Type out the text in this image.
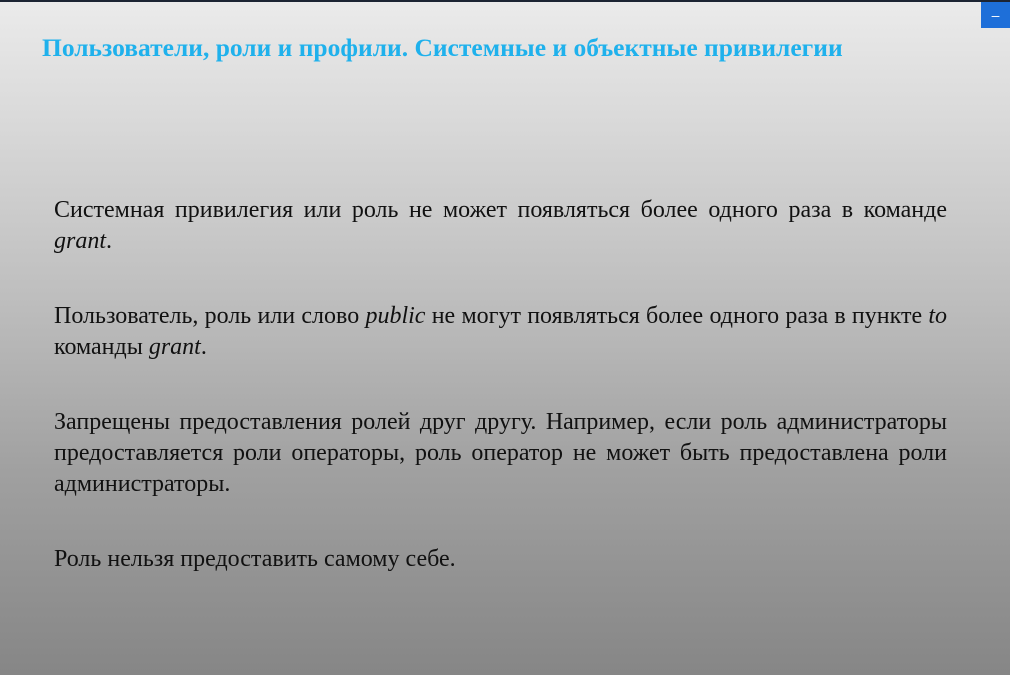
–
Пользователи, роли и профили. Системные и объектные привилегии

Системная привилегия или роль не может появляться более одного раза в команде grant.

Пользователь, роль или слово public не могут появляться более одного раза в пункте to команды grant.

Запрещены предоставления ролей друг другу. Например, если роль администраторы предоставляется роли операторы, роль оператор не может быть предоставлена роли администраторы.

Роль нельзя предоставить самому себе.
